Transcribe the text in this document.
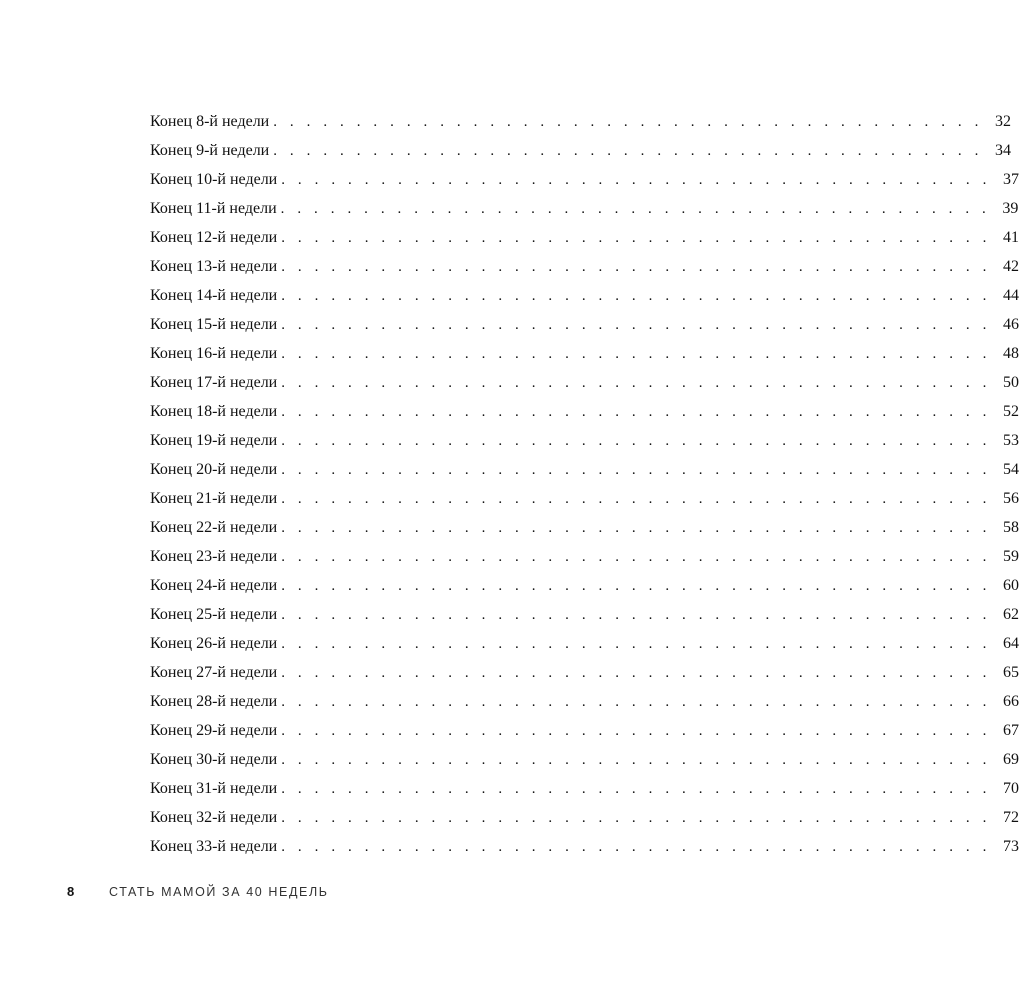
Конец 8-й недели . . . . . . . . . . . . . . . . . . . . . . . . . . . . . . . . . . . . . . . . . . . 32
Конец 9-й недели . . . . . . . . . . . . . . . . . . . . . . . . . . . . . . . . . . . . . . . . . . . 34
Конец 10-й недели . . . . . . . . . . . . . . . . . . . . . . . . . . . . . . . . . . . . . . . . . . . 37
Конец 11-й недели . . . . . . . . . . . . . . . . . . . . . . . . . . . . . . . . . . . . . . . . . . . 39
Конец 12-й недели . . . . . . . . . . . . . . . . . . . . . . . . . . . . . . . . . . . . . . . . . . . 41
Конец 13-й недели . . . . . . . . . . . . . . . . . . . . . . . . . . . . . . . . . . . . . . . . . . . 42
Конец 14-й недели . . . . . . . . . . . . . . . . . . . . . . . . . . . . . . . . . . . . . . . . . . . 44
Конец 15-й недели . . . . . . . . . . . . . . . . . . . . . . . . . . . . . . . . . . . . . . . . . . . 46
Конец 16-й недели . . . . . . . . . . . . . . . . . . . . . . . . . . . . . . . . . . . . . . . . . . . 48
Конец 17-й недели . . . . . . . . . . . . . . . . . . . . . . . . . . . . . . . . . . . . . . . . . . . 50
Конец 18-й недели . . . . . . . . . . . . . . . . . . . . . . . . . . . . . . . . . . . . . . . . . . . 52
Конец 19-й недели . . . . . . . . . . . . . . . . . . . . . . . . . . . . . . . . . . . . . . . . . . . 53
Конец 20-й недели . . . . . . . . . . . . . . . . . . . . . . . . . . . . . . . . . . . . . . . . . . . 54
Конец 21-й недели . . . . . . . . . . . . . . . . . . . . . . . . . . . . . . . . . . . . . . . . . . . 56
Конец 22-й недели . . . . . . . . . . . . . . . . . . . . . . . . . . . . . . . . . . . . . . . . . . . 58
Конец 23-й недели . . . . . . . . . . . . . . . . . . . . . . . . . . . . . . . . . . . . . . . . . . . 59
Конец 24-й недели . . . . . . . . . . . . . . . . . . . . . . . . . . . . . . . . . . . . . . . . . . . 60
Конец 25-й недели . . . . . . . . . . . . . . . . . . . . . . . . . . . . . . . . . . . . . . . . . . . 62
Конец 26-й недели . . . . . . . . . . . . . . . . . . . . . . . . . . . . . . . . . . . . . . . . . . . 64
Конец 27-й недели . . . . . . . . . . . . . . . . . . . . . . . . . . . . . . . . . . . . . . . . . . . 65
Конец 28-й недели . . . . . . . . . . . . . . . . . . . . . . . . . . . . . . . . . . . . . . . . . . . 66
Конец 29-й недели . . . . . . . . . . . . . . . . . . . . . . . . . . . . . . . . . . . . . . . . . . . 67
Конец 30-й недели . . . . . . . . . . . . . . . . . . . . . . . . . . . . . . . . . . . . . . . . . . . 69
Конец 31-й недели . . . . . . . . . . . . . . . . . . . . . . . . . . . . . . . . . . . . . . . . . . . 70
Конец 32-й недели . . . . . . . . . . . . . . . . . . . . . . . . . . . . . . . . . . . . . . . . . . . 72
Конец 33-й недели . . . . . . . . . . . . . . . . . . . . . . . . . . . . . . . . . . . . . . . . . . . 73
8	СТАТЬ МАМОЙ ЗА 40 НЕДЕЛЬ
